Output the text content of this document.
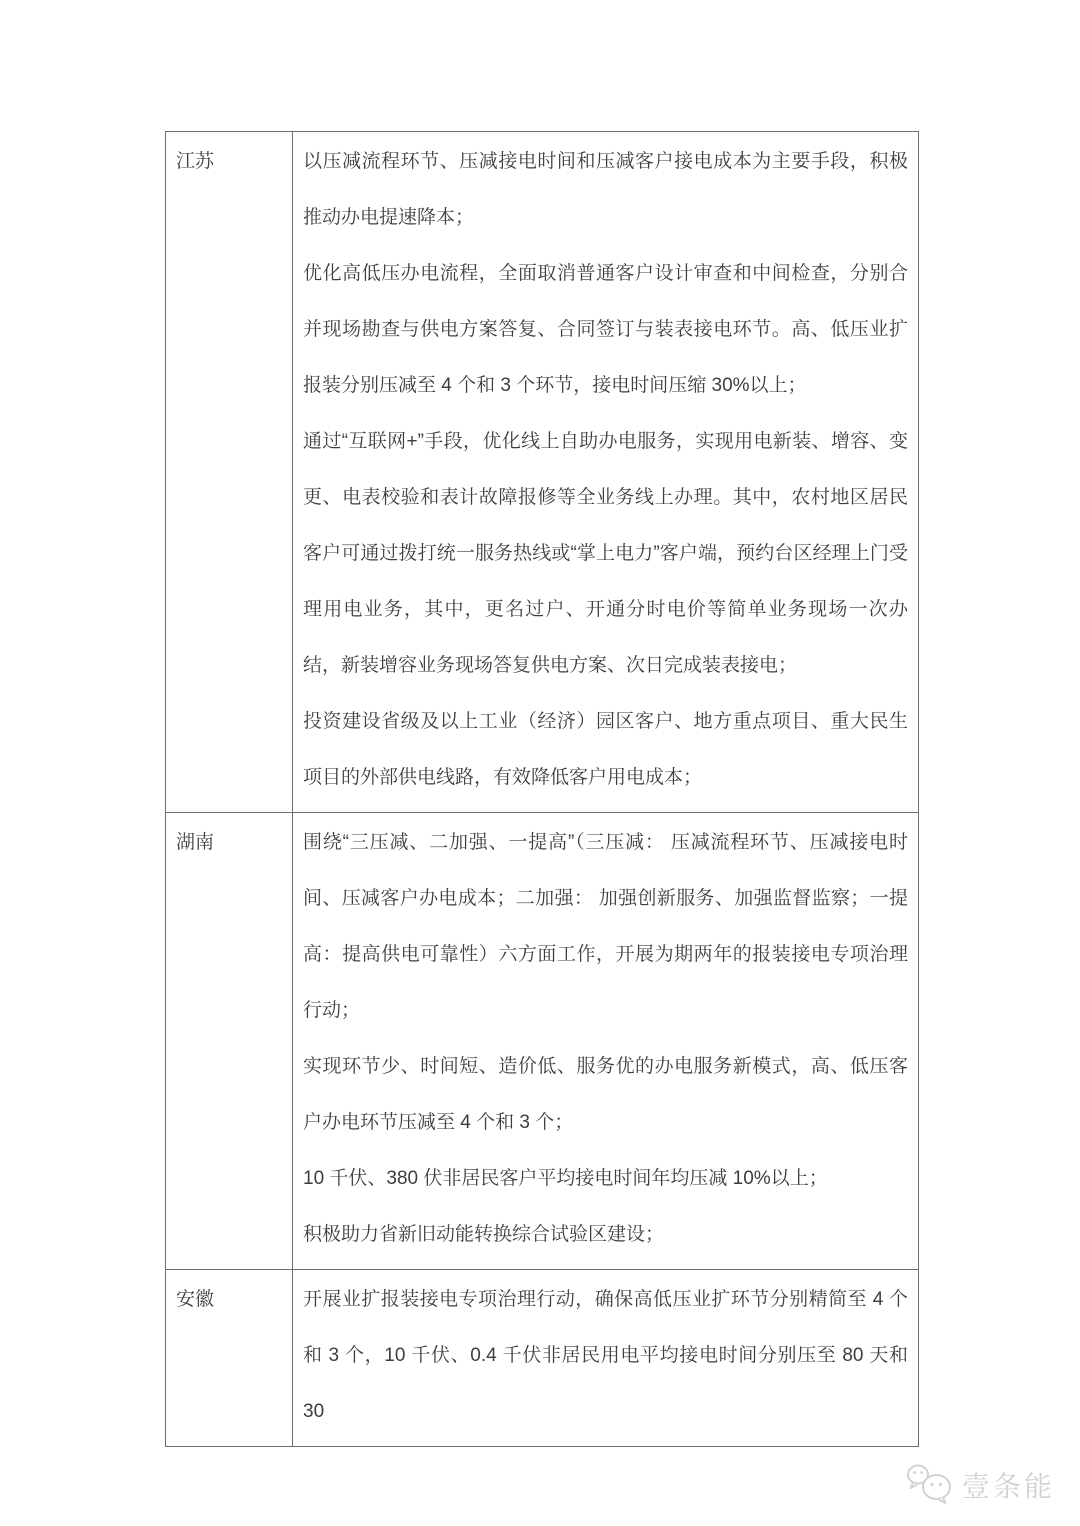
江苏	以压减流程环节、压减接电时间和压减客户接电成本为主要手段，积极推动办电提速降本；

优化高低压办电流程，全面取消普通客户设计审查和中间检查，分别合并现场勘查与供电方案答复、合同签订与装表接电环节。高、低压业扩报装分别压减至 4 个和 3 个环节，接电时间压缩 30%以上；

通过“互联网+”手段，优化线上自助办电服务，实现用电新装、增容、变更、电表校验和表计故障报修等全业务线上办理。其中，农村地区居民客户可通过拨打统一服务热线或“掌上电力”客户端，预约台区经理上门受理用电业务，其中，更名过户、开通分时电价等简单业务现场一次办结，新装增容业务现场答复供电方案、次日完成装表接电；

投资建设省级及以上工业（经济）园区客户、地方重点项目、重大民生项目的外部供电线路，有效降低客户用电成本；

湖南	围绕“三压减、二加强、一提高”（三压减： 压减流程环节、压减接电时间、压减客户办电成本；二加强： 加强创新服务、加强监督监察；一提高：提高供电可靠性）六方面工作，开展为期两年的报装接电专项治理行动；

实现环节少、时间短、造价低、服务优的办电服务新模式，高、低压客户办电环节压减至 4 个和 3 个；

10 千伏、380 伏非居民客户平均接电时间年均压减 10%以上；

积极助力省新旧动能转换综合试验区建设；

安徽	开展业扩报装接电专项治理行动，确保高低压业扩环节分别精简至 4 个和 3 个，10 千伏、0.4 千伏非居民用电平均接电时间分别压至 80 天和 30

壹条能
